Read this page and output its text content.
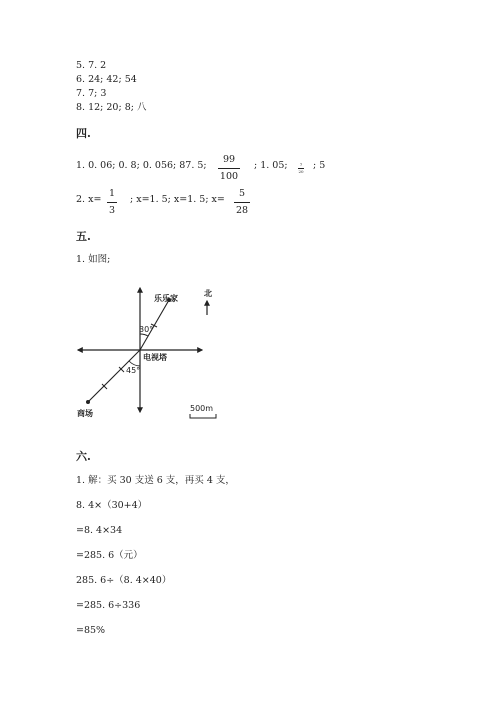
5. 7. 2
6. 24; 42; 54
7. 7; 3
8. 12; 20; 8; 八
四.
1. 0. 06; 0. 8; 0. 056; 87. 5;
99
100
; 1. 05;	7
20
; 5
2. x=
1
3
; x=1. 5; x=1. 5; x=
5
28
五.
1. 如图;
乐乐家
30°
电视塔
45°
商场
北
500m
六.
1. 解：买 30 支送 6 支，再买 4 支，
8. 4×（30+4）
=8. 4×34
=285. 6（元）
285. 6÷（8. 4×40）
=285. 6÷336
=85%
